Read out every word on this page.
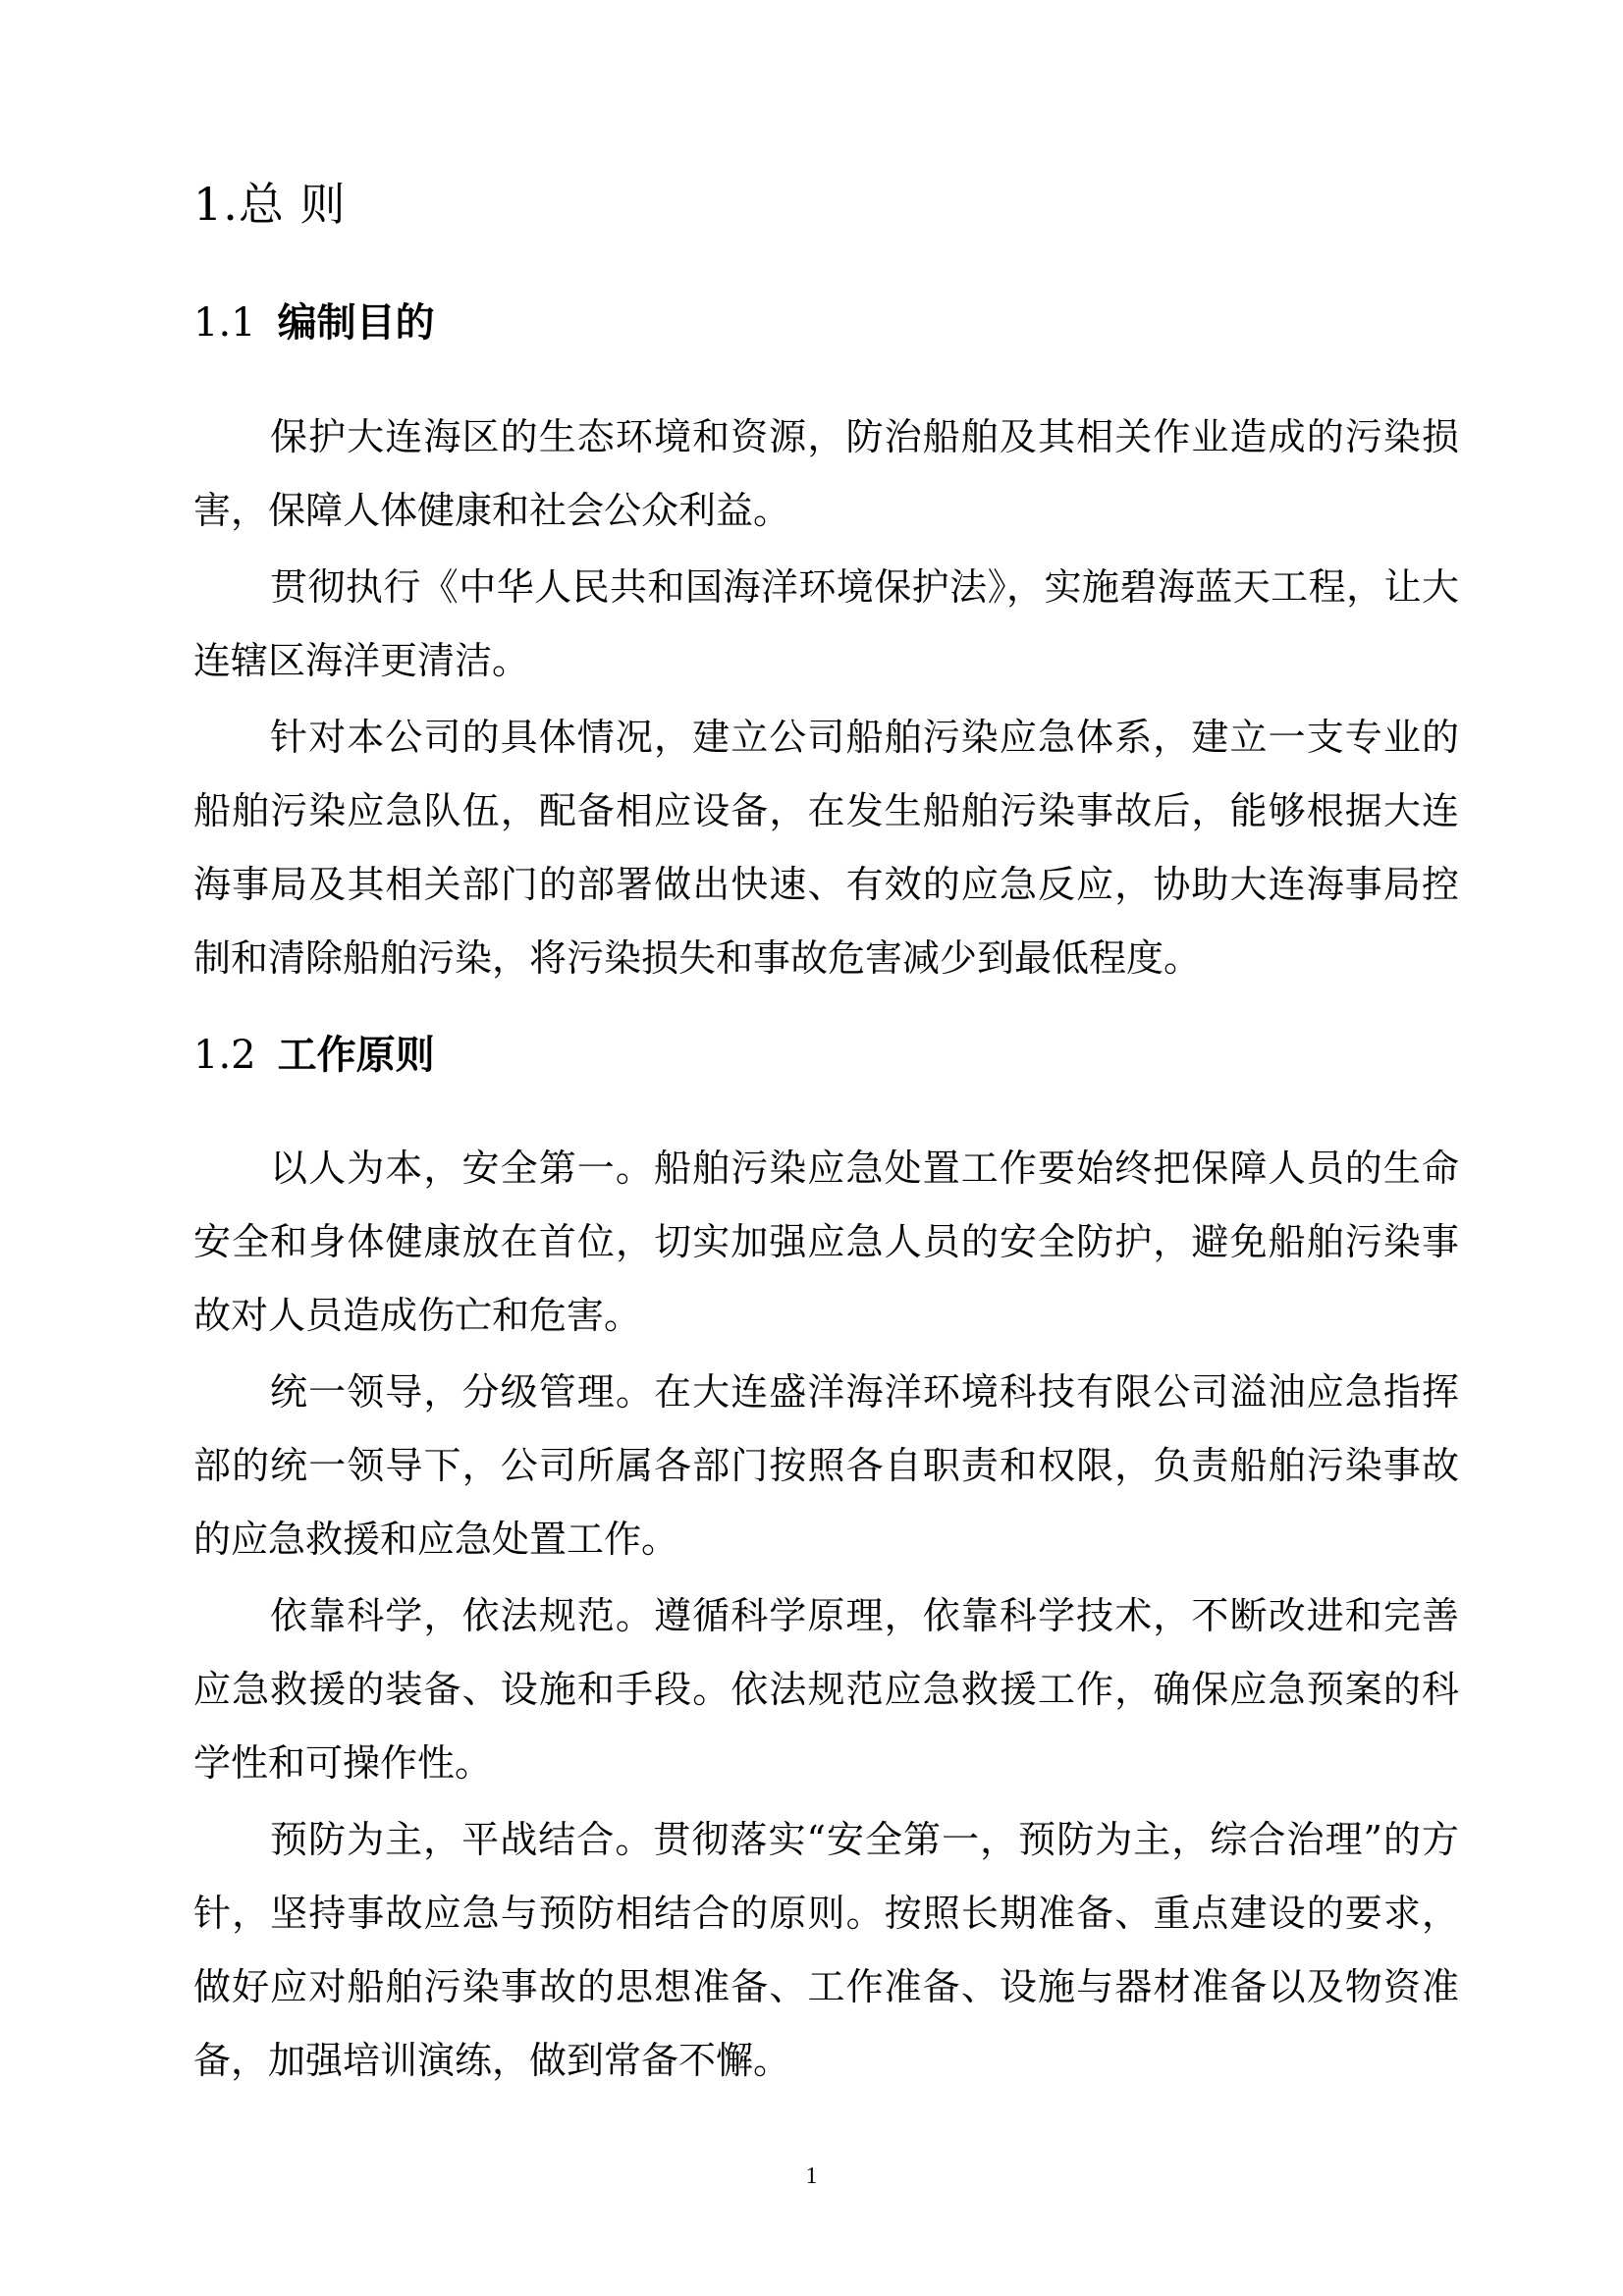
1.总 则
1.1 编制目的

保护大连海区的生态环境和资源，防治船舶及其相关作业造成的污染损害，保障人体健康和社会公众利益。

贯彻执行《中华人民共和国海洋环境保护法》，实施碧海蓝天工程，让大连辖区海洋更清洁。

针对本公司的具体情况，建立公司船舶污染应急体系，建立一支专业的船舶污染应急队伍，配备相应设备，在发生船舶污染事故后，能够根据大连海事局及其相关部门的部署做出快速、有效的应急反应，协助大连海事局控制和清除船舶污染，将污染损失和事故危害减少到最低程度。

1.2 工作原则

以人为本，安全第一。船舶污染应急处置工作要始终把保障人员的生命安全和身体健康放在首位，切实加强应急人员的安全防护，避免船舶污染事故对人员造成伤亡和危害。

统一领导，分级管理。在大连盛洋海洋环境科技有限公司溢油应急指挥部的统一领导下，公司所属各部门按照各自职责和权限，负责船舶污染事故的应急救援和应急处置工作。

依靠科学，依法规范。遵循科学原理，依靠科学技术，不断改进和完善应急救援的装备、设施和手段。依法规范应急救援工作，确保应急预案的科学性和可操作性。

预防为主，平战结合。贯彻落实“安全第一，预防为主，综合治理”的方针，坚持事故应急与预防相结合的原则。按照长期准备、重点建设的要求，做好应对船舶污染事故的思想准备、工作准备、设施与器材准备以及物资准备，加强培训演练，做到常备不懈。

1
